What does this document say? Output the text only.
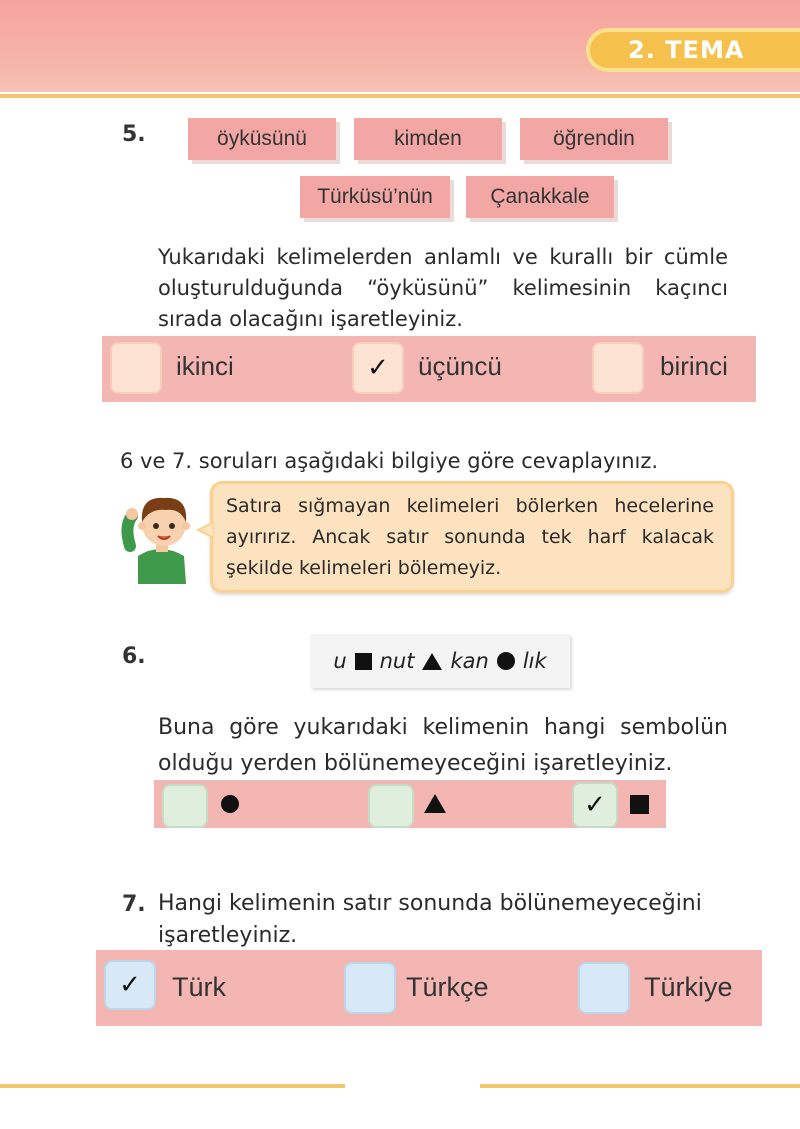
2. TEMA
5.	öyküsünü	kimden	öğrendin
Türküsü’nün	Çanakkale
Yukarıdaki kelimelerden anlamlı ve kurallı bir cümle oluşturulduğunda “öyküsünü” kelimesinin kaçıncı sırada olacağını işaretleyiniz.
ikinci	✓	üçüncü	birinci
6 ve 7. soruları aşağıdaki bilgiye göre cevaplayınız.
Satıra sığmayan kelimeleri bölerken hecelerine ayırırız. Ancak satır sonunda tek harf kalacak şekilde kelimeleri bölemeyiz.
6.	u nut kan lık
Buna göre yukarıdaki kelimenin hangi sembolün olduğu yerden bölünemeyeceğini işaretleyiniz.
✓
7. Hangi kelimenin satır sonunda bölünemeyeceğini işaretleyiniz.
✓	Türk	Türkçe	Türkiye
